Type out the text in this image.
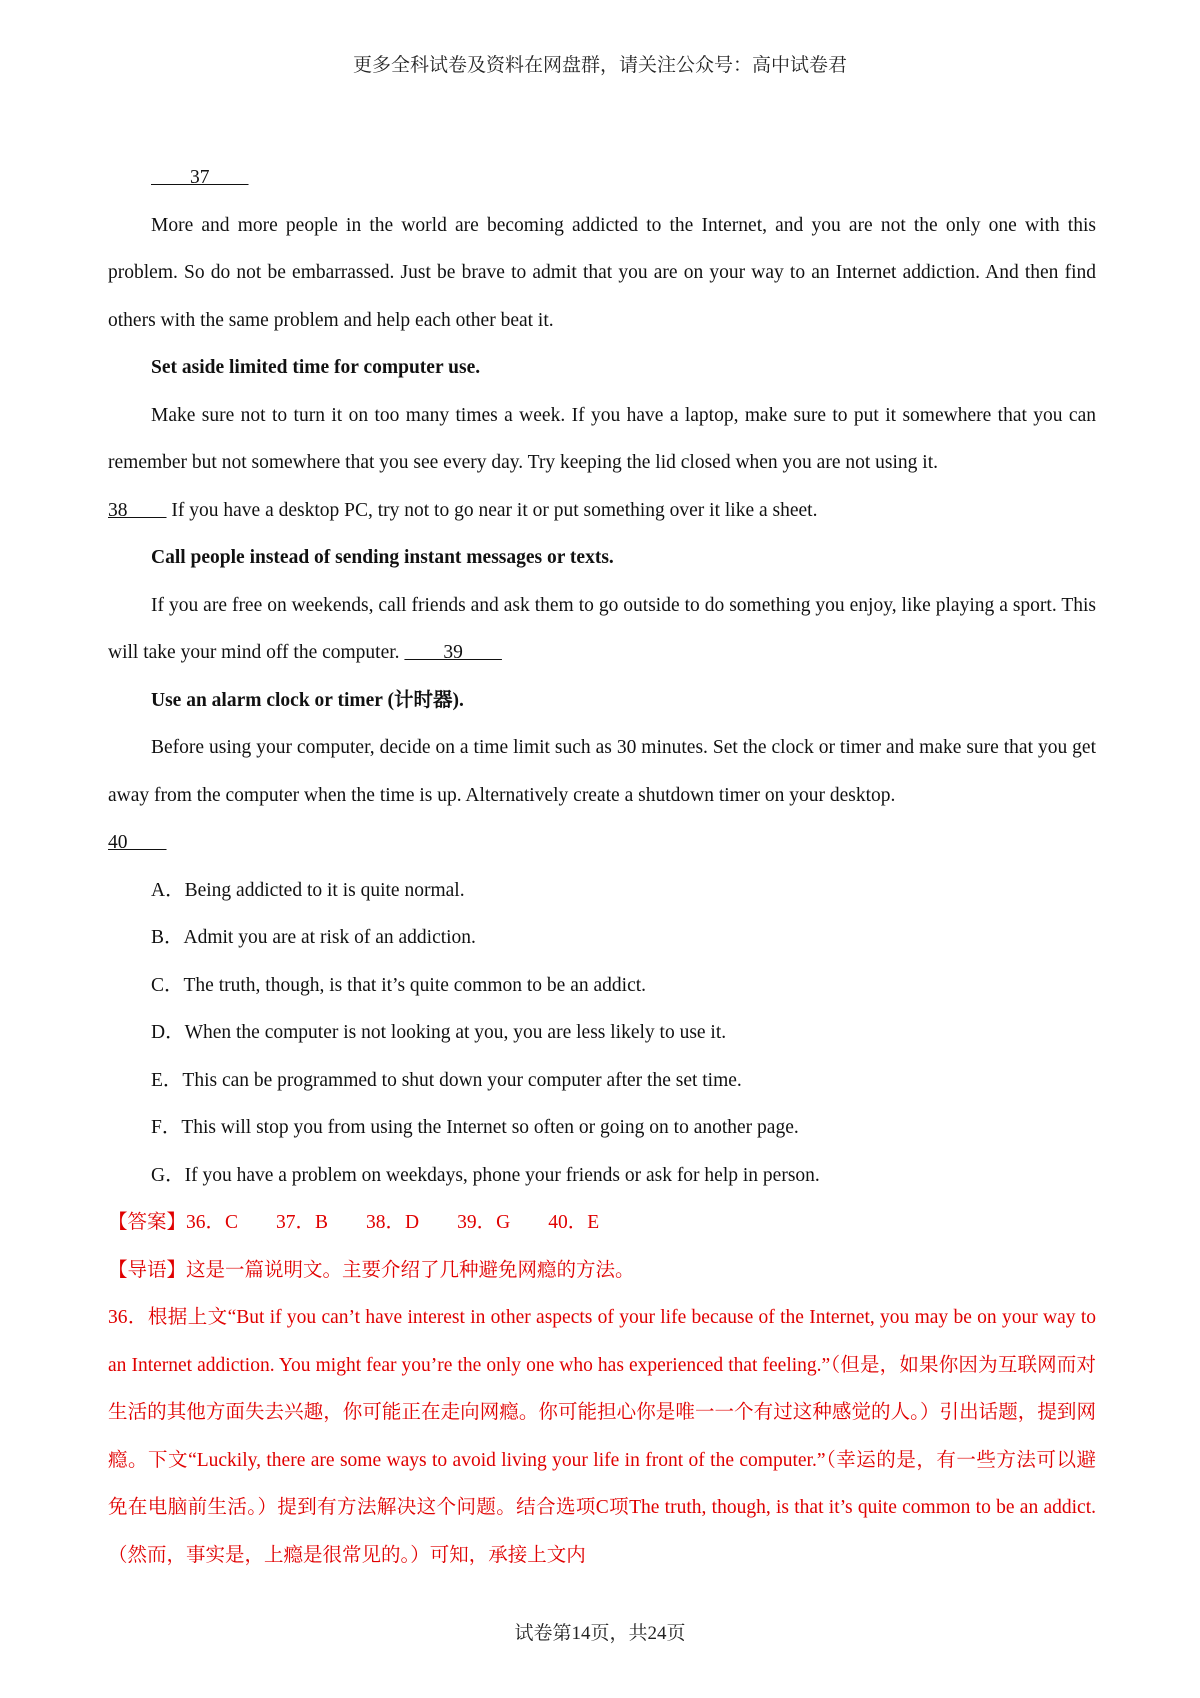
更多全科试卷及资料在网盘群，请关注公众号：高中试卷君

　　37　　

More and more people in the world are becoming addicted to the Internet, and you are not the only one with this problem. So do not be embarrassed. Just be brave to admit that you are on your way to an Internet addiction. And then find others with the same problem and help each other beat it.

Set aside limited time for computer use.

Make sure not to turn it on too many times a week. If you have a laptop, make sure to put it somewhere that you can remember but not somewhere that you see every day. Try keeping the lid closed when you are not using it.

38　　 If you have a desktop PC, try not to go near it or put something over it like a sheet.

Call people instead of sending instant messages or texts.

If you are free on weekends, call friends and ask them to go outside to do something you enjoy, like playing a sport. This will take your mind off the computer. 　　39　　

Use an alarm clock or timer (计时器).

Before using your computer, decide on a time limit such as 30 minutes. Set the clock or timer and make sure that you get away from the computer when the time is up. Alternatively create a shutdown timer on your desktop.

40　　

A．Being addicted to it is quite normal.

B．Admit you are at risk of an addiction.

C．The truth, though, is that it’s quite common to be an addict.

D．When the computer is not looking at you, you are less likely to use it.

E．This can be programmed to shut down your computer after the set time.

F．This will stop you from using the Internet so often or going on to another page.

G．If you have a problem on weekdays, phone your friends or ask for help in person.

【答案】36．C 37．B 38．D 39．G 40．E

【导语】这是一篇说明文。主要介绍了几种避免网瘾的方法。

36．根据上文“But if you can’t have interest in other aspects of your life because of the Internet, you may be on your way to an Internet addiction. You might fear you’re the only one who has experienced that feeling.”（但是，如果你因为互联网而对生活的其他方面失去兴趣，你可能正在走向网瘾。你可能担心你是唯一一个有过这种感觉的人。）引出话题，提到网瘾。下文“Luckily, there are some ways to avoid living your life in front of the computer.”（幸运的是，有一些方法可以避免在电脑前生活。）提到有方法解决这个问题。结合选项C项The truth, though, is that it’s quite common to be an addict.（然而，事实是，上瘾是很常见的。）可知，承接上文内

试卷第14页，共24页
